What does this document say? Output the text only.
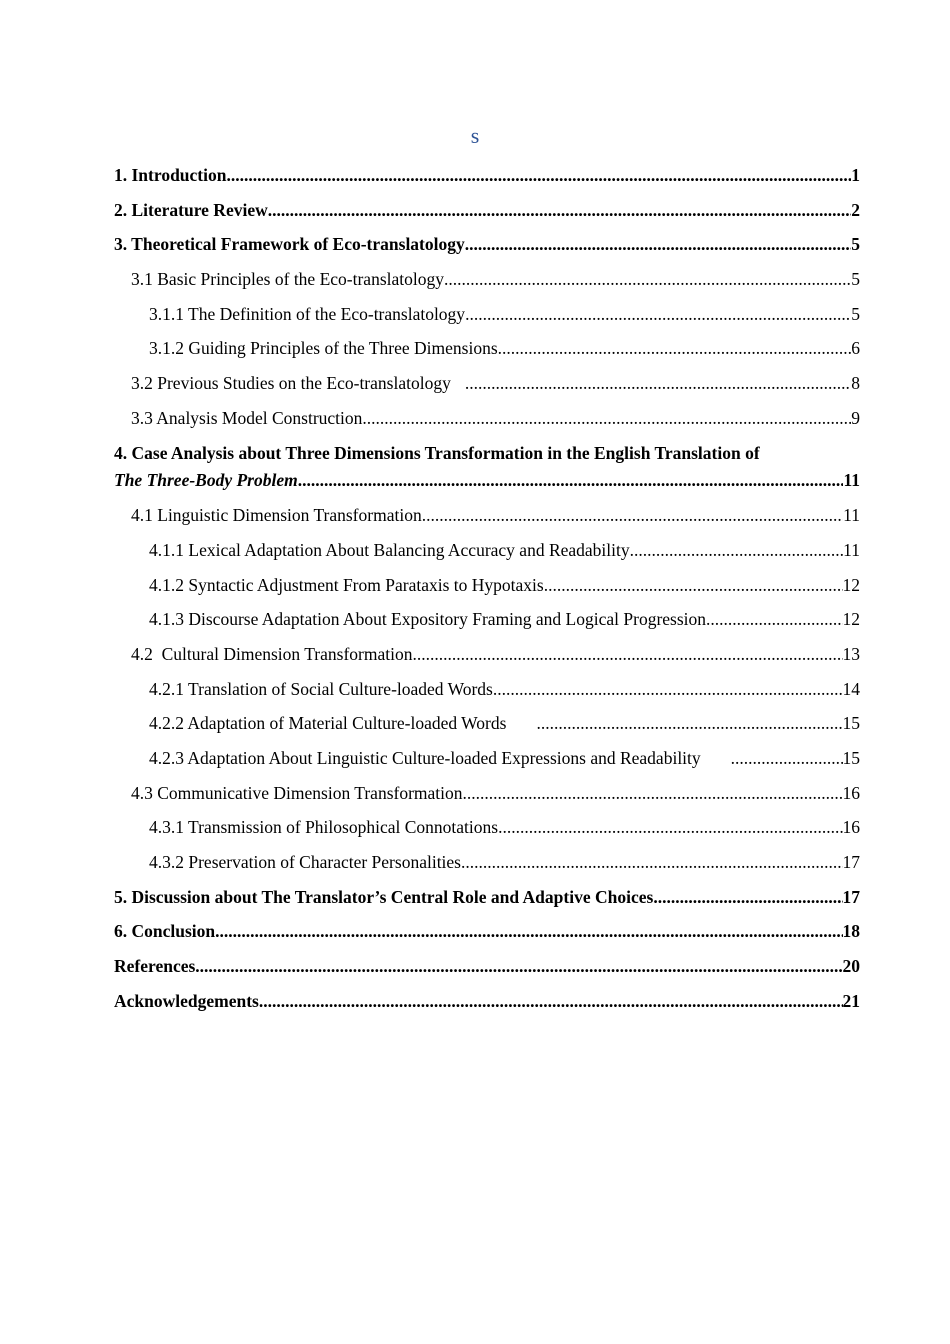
s
1. Introduction .....	1
2. Literature Review .....	2
3. Theoretical Framework of Eco-translatology .....	5
3.1 Basic Principles of the Eco-translatology .....	5
3.1.1 The Definition of the Eco-translatology .....	5
3.1.2 Guiding Principles of the Three Dimensions .....	6
3.2 Previous Studies on the Eco-translatology .....	8
3.3 Analysis Model Construction .....	9
4. Case Analysis about Three Dimensions Transformation in the English Translation of
The Three-Body Problem .....	11
4.1 Linguistic Dimension Transformation .....	11
4.1.1 Lexical Adaptation About Balancing Accuracy and Readability .....	11
4.1.2 Syntactic Adjustment From Parataxis to Hypotaxis .....	12
4.1.3 Discourse Adaptation About Expository Framing and Logical Progression .....	12
4.2  Cultural Dimension Transformation .....	13
4.2.1 Translation of Social Culture-loaded Words .....	14
4.2.2 Adaptation of Material Culture-loaded Words .....	15
4.2.3 Adaptation About Linguistic Culture-loaded Expressions and Readability .....	15
4.3 Communicative Dimension Transformation .....	16
4.3.1 Transmission of Philosophical Connotations .....	16
4.3.2 Preservation of Character Personalities .....	17
5. Discussion about The Translator’s Central Role and Adaptive Choices .....	17
6. Conclusion .....	18
References .....	20
Acknowledgements .....	21
